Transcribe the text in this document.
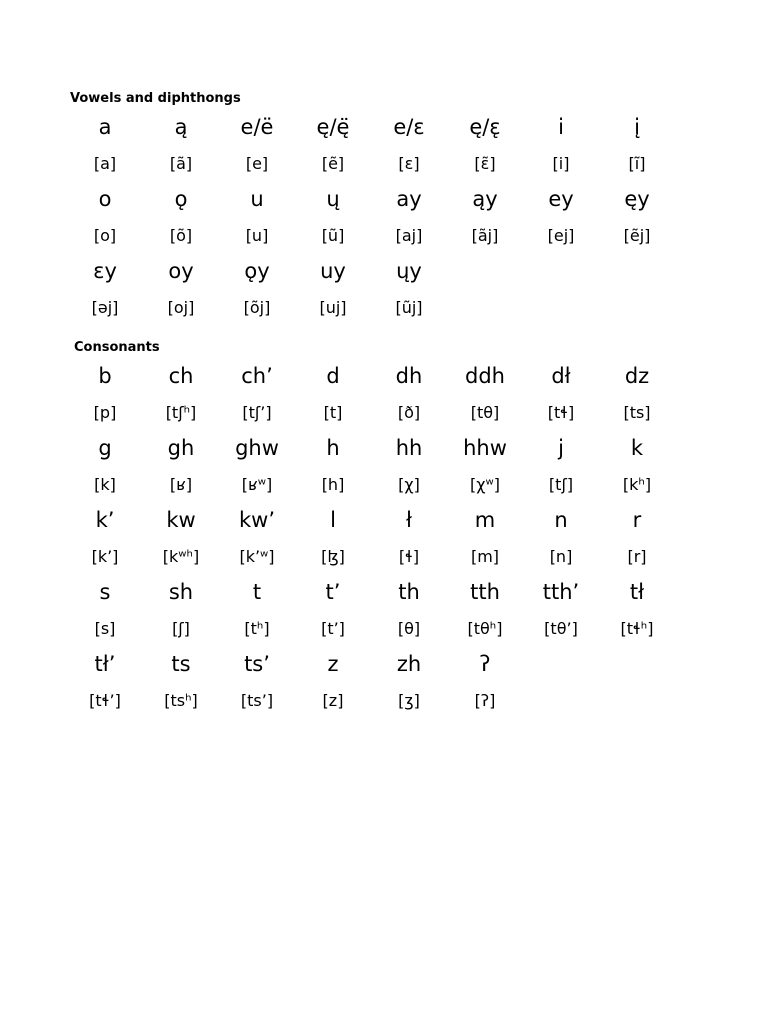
Vowels and diphthongs
a	ą	e/ë	ę/ę̈	e/ɛ	ę/ɛ̨	i	į
[a]	[ã]	[e]	[ẽ]	[ɛ]	[ɛ̃]	[i]	[ĩ]
o	ǫ	u	ų	ay	ąy	ey	ęy
[o]	[õ]	[u]	[ũ]	[aj]	[ãj]	[ej]	[ẽj]
ɛy	oy	ǫy	uy	ųy
[əj]	[oj]	[õj]	[uj]	[ũj]
Consonants
b	ch	ch’	d	dh	ddh	dł	dz
[p]	[tʃʰ]	[tʃ’]	[t]	[ð]	[tθ]	[tɬ]	[ts]
g	gh	ghw	h	hh	hhw	j	k
[k]	[ʁ]	[ʁʷ]	[h]	[χ]	[χʷ]	[tʃ]	[kʰ]
k’	kw	kw’	l	ł	m	n	r
[k’]	[kʷʰ]	[k’ʷ]	[ɮ]	[ɬ]	[m]	[n]	[r]
s	sh	t	t’	th	tth	tth’	tł
[s]	[ʃ]	[tʰ]	[t’]	[θ]	[tθʰ]	[tθ’]	[tɬʰ]
tł’	ts	ts’	z	zh	ʔ
[tɬ’]	[tsʰ]	[ts’]	[z]	[ʒ]	[ʔ]
